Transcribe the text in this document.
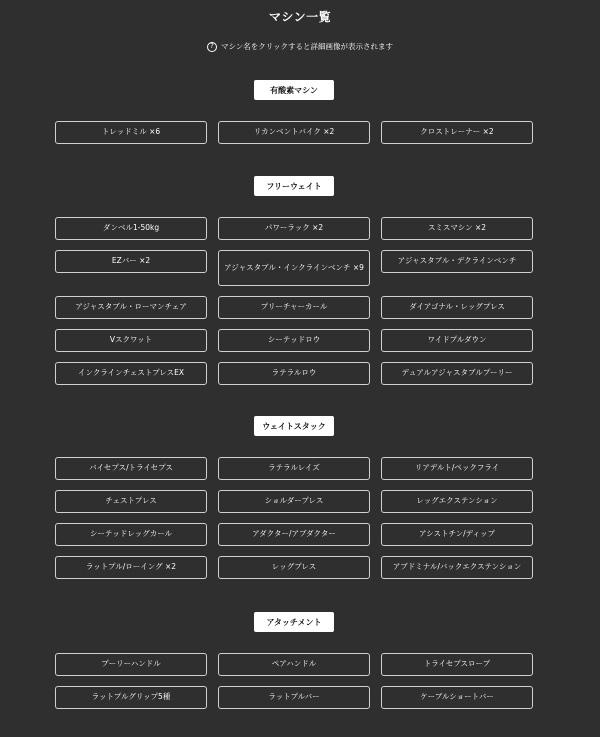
マシン一覧
? マシン名をクリックすると詳細画像が表示されます
有酸素マシン
トレッドミル ×6	リカンベントバイク ×2	クロストレーナー ×2
フリーウェイト
ダンベル1-50kg	パワーラック ×2	スミスマシン ×2
EZバー ×2
アジャスタブル・インクラインベンチ ×9
アジャスタブル・デクラインベンチ
アジャスタブル・ローマンチェア	プリーチャーカール	ダイアゴナル・レッグプレス
Vスクワット	シーテッドロウ	ワイドプルダウン
インクラインチェストプレスEX	ラテラルロウ	デュアルアジャスタブルプーリー
ウェイトスタック
バイセプス/トライセプス	ラテラルレイズ	リアデルト/ペックフライ
チェストプレス	ショルダープレス	レッグエクステンション
シーテッドレッグカール	アダクター/アブダクター	アシストチン/ディップ
ラットプル/ローイング ×2	レッグプレス	アブドミナル/バックエクステンション
アタッチメント
プーリーハンドル	ペアハンドル	トライセプスロープ
ラットプルグリップ5種	ラットプルバー	ケーブルショートバー
